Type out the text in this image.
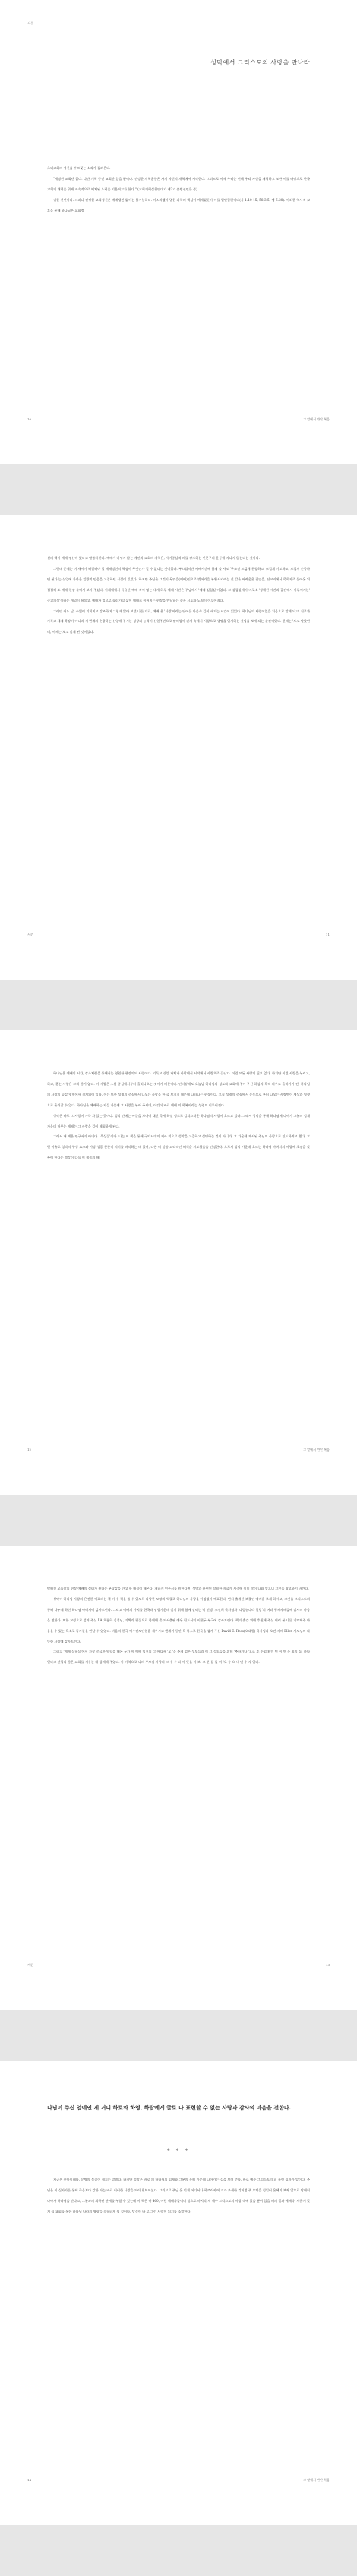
서문
성막에서 그리스도의 사랑을 만나라

초대교회의 정신을 부르짖는 소리가 들려온다.

"계명된 교회란 없다. 다만 개혁 중인 교회만 있을 뿐이다. 진정한 개혁운동은 자기 자신의 개혁에서 시작한다. 그러므로 이제 우리는 변해 우리 자신을 개혁하고 또한 이를 바탕으로 한국교회의 개혁을 위해 지속적으로 헤쳐된 노력을 기울여고자 한다." (교회개혁실천연대가 제2기 출범선언문 중)

귀한 선언이다. 그러나 진정한 교회정신은 예배생긴 없이는 불가능하다. 이스라엘이 멸한 과학의 핵심이 예배였듯이 이를 일반합편이다(사 1:10-15, 58:3-5; 렘 6:20). 이러한 역사적 교훈을 통해 하나님은 교회정

10	그 앞에서 만난 복음

신의 핵이 예배 정신에 있다고 말씀하신다. 예배가 바뀌지 않는 개인과 교회의 개혁은, 자기중심적 의를 강조하는 인본주의 운동에 지나지 않는다는 것이다.

그런데 문제는 이 새시가 해결해야 할 예배정신의 핵심이 무엇인가 일 수 없다는 것이었다. 부끄럽지만 예배시간에 함께 올 사도 '무조건 뜨겁게 찬양하고, 뜨겁게 기도하고, 뜨겁게 순종하면 된다'는 신앙에 가까운 일방적 믿음을 고집하던 시절이 있었다. 하지만 주님은 그것이 무엇을(예배)인으로 벗어라을 부활시키려는 것 같은 어려움은 필임을, 선교지에서 목회자로 돌아온 뒤 절절히 또 예배 현장 속에서 보이 주셨다. 아레내에서 특유된 예배 적이 없는 내게 하루 예배 시간은 주님께서 '예배 실험실'이었다. 그 실험실에서 비로소 '정해진 시간과 공간에서 이루어지는' 중교의식'이라는 개념이 허물고, 예배가 없으로 훌러가고 삶이 예배로 이어지는 현장을 만남하는 숨은 시도와 노력이 이루어졌다.

그러던 어느 날, 수없이 기회치고 강조하며 그렇게 않아 보던 나를 대로, 예배 온 '사랑'이라는 단어를 마음속 깊이 새겨는 시간이 있었다. 하나님의 사랑이었을 처음으로 말게 되고, 진료관 가독교 세계 확장이 아니라 세 번째의 순종하는 신앙에 주시는 성장과 능력이 신원주관으로 말미암아 관계 속에서 사랑으로 생명을 일새하는 것임을 보게 되는 순간이었다. 한때는 '도고 말았던데, 이제는 보고 말게 된 것이었다.

서문	11

하나님은 예배의 시간, 장소처럼을 통해서는 영원한 현장의도 사랑이다. 기독교 신앙 자체가 사랑에서 시작해서 사랑으로 끝난다. 이런 모든 사랑의 필요 없다. 하지만 이런 사랑을 누리고, 하고, 묻는 사랑은 그리 않기 없다. 이 사랑은 소설 중심에서부터 흘러나오는 것이기 때문이다. 인터뷰에도 오늘날 하나님의 성도와 교회에 주어 주신 하심의 목적 외우고 흘러가기 전, 하나님의 사랑의 공감 영역에서 경계되어 있다. 이는 또한 성령의 중심에서 나오는 사랑을 한 줄 보기지 때문에 나타나는 현상이다. 오직 성령의 중심에서 운동으로 부터 나오는 사람만이 세상과 영향으로 흘러갈 수 있다. 하나님은 예배하는 자들 가운데 그 사랑을 부어 주시며, 이것이 바로 예배 의 회복이라는 성령의 이루어진다.

성막은 바로 그 사랑이 가득 차 있는 곳이다. 성막 안에는 아들을 보내어 대신 죽게 하실 정도로 감격스러운 하나님의 사랑이 흐르고 있다. 그래서 성막을 통해 하나님께 나아가 그분의 임재 가운데 머무는 예배는 그 사랑을 깊이 체험하게 된다.

그래서 내 예은 연구서가 아니다. '묵상집'이다. 나는 이 책을 통해 구약시대의 제사 적으로 성막을 고증하고 설명하는 것이 아니라, 그 가운데 계시된 주님의 사랑으로 인도하려고 했다. 그런 이유로 성막의 구성 요소와 가장 성공 본론적 의미를 파악하는 데 있어, 다른 비 말씀 고리적인 해석을 시도했음을 인정한다. 오로지 성막 가운데 흐르는 하나님 아버지의 사랑에 초점을 맞추어 한다는 생각이 다를 이 책속의 해

12	그 앞에서 만난 복음

박해진 오늘날의 현장 예배의 실태가 된다는 부담감을 안고 한 해석이 해온다. 개하게 연구서를 원한다면, 성막과 관련된 탁월한 자료가 시중에 이미 많이 나와 있으니 그것을 참고하기 바란다.

성막이 하나님 사랑의 온전한 예표라는 책 이 수 책을 쓸 수 있도록 다양한 모양과 역할로 하나님의 사랑을 아낌없이 예표한다. 먼저 출개된 보물인 예배을 보게 하시고, 그것을 그리스도의 통해 나누게 하신 하나님 아버지에 감사드린다. 그리고 예배의 가치를 한국과 땅방가운데 실지 위해 함께 달리는 박 선생, 소진희 목사님과 '다림눈나라 열림'의 여러 형제자매들에 감사의 마음을 전한다. 또한 교정으로 섬겨 주신 LA 흐름하 김석님, 기획과 편집으로 함께해 준 도서출판 에우 편도서의 이현두 부국에 감사드린다. 책의 출간 위해 후원해 주신 여러 분 나를 기억해주 마음을 수 있는 목소로 독자들을 만날 수 있었다. 마음의 한국 예수전도단원을 새우시고 펜계기 동안 목 목소로 한국을 섬겨 주신 David E. Ross(오대원) 목사님과 오전 자매 Ellen 사모님의 따뜻한 사랑에 감사드린다.

그리고 '예배 실험실'에서 가장 중요한 역할을 해온 누가 이 예배 임진의 그 어디서 '오 '을 주게 멈은 성도들과 이 그 성도들을 위해 '추하거나 '오로 후 수업 확인 면 이 안 돈 외의 둘, 하나 얻다고 선입니 않은 교회를 세우는 데 함께해 주었다. 아 아역으로 나의 부모님 사랑의 그 수 수 다 이 뜻을 이 보, 그 분 들 둘 머 '오 숭 으 내 면 수 자 일다.

서문	13
나님이 주신 엄에인 게 거니 하로와 하영, 하람에게 글로 다 표현할 수 없는 사랑과 감사의 마음을 전한다.
* * *

지금은 산아이래다. 문명의 불길이 세지는 말씀다. 하지만 성막은 바로 의 하나님의 임재와 그분의 은혜 가운데 나아가는 길을 보여 준다. 바로 예수 그리스도의 피 흘린 십자가 앞이다. 주님은 이 십자가를 통해 죽음보다 강한 아는 바로 이러한 사랑을 드러내 보이셨다. 그러므로 주님 은 언제 어디서나 하르러카여 기가 조새한 것처럼 주 오병을 힘입어 은혜의 보좌 앞으로 담대히 나아가 하나님을 만나고, 그분과의 회복된 관계를 누릴 수 있는데 이 책은 약 460, 이런 예배자들이며 열으로 마지막 제 예수 그리스도의 사랑 속에 있을 뿐이 있을 때의 일과 예배라, 새롭게 갖게 될 교회를 통한 하나님 나라의 영광을 경험하게 될 것이다. 당신이 바 로 그런 사랑이 되기를 소망한다.

14	그 앞에서 만난 복음
